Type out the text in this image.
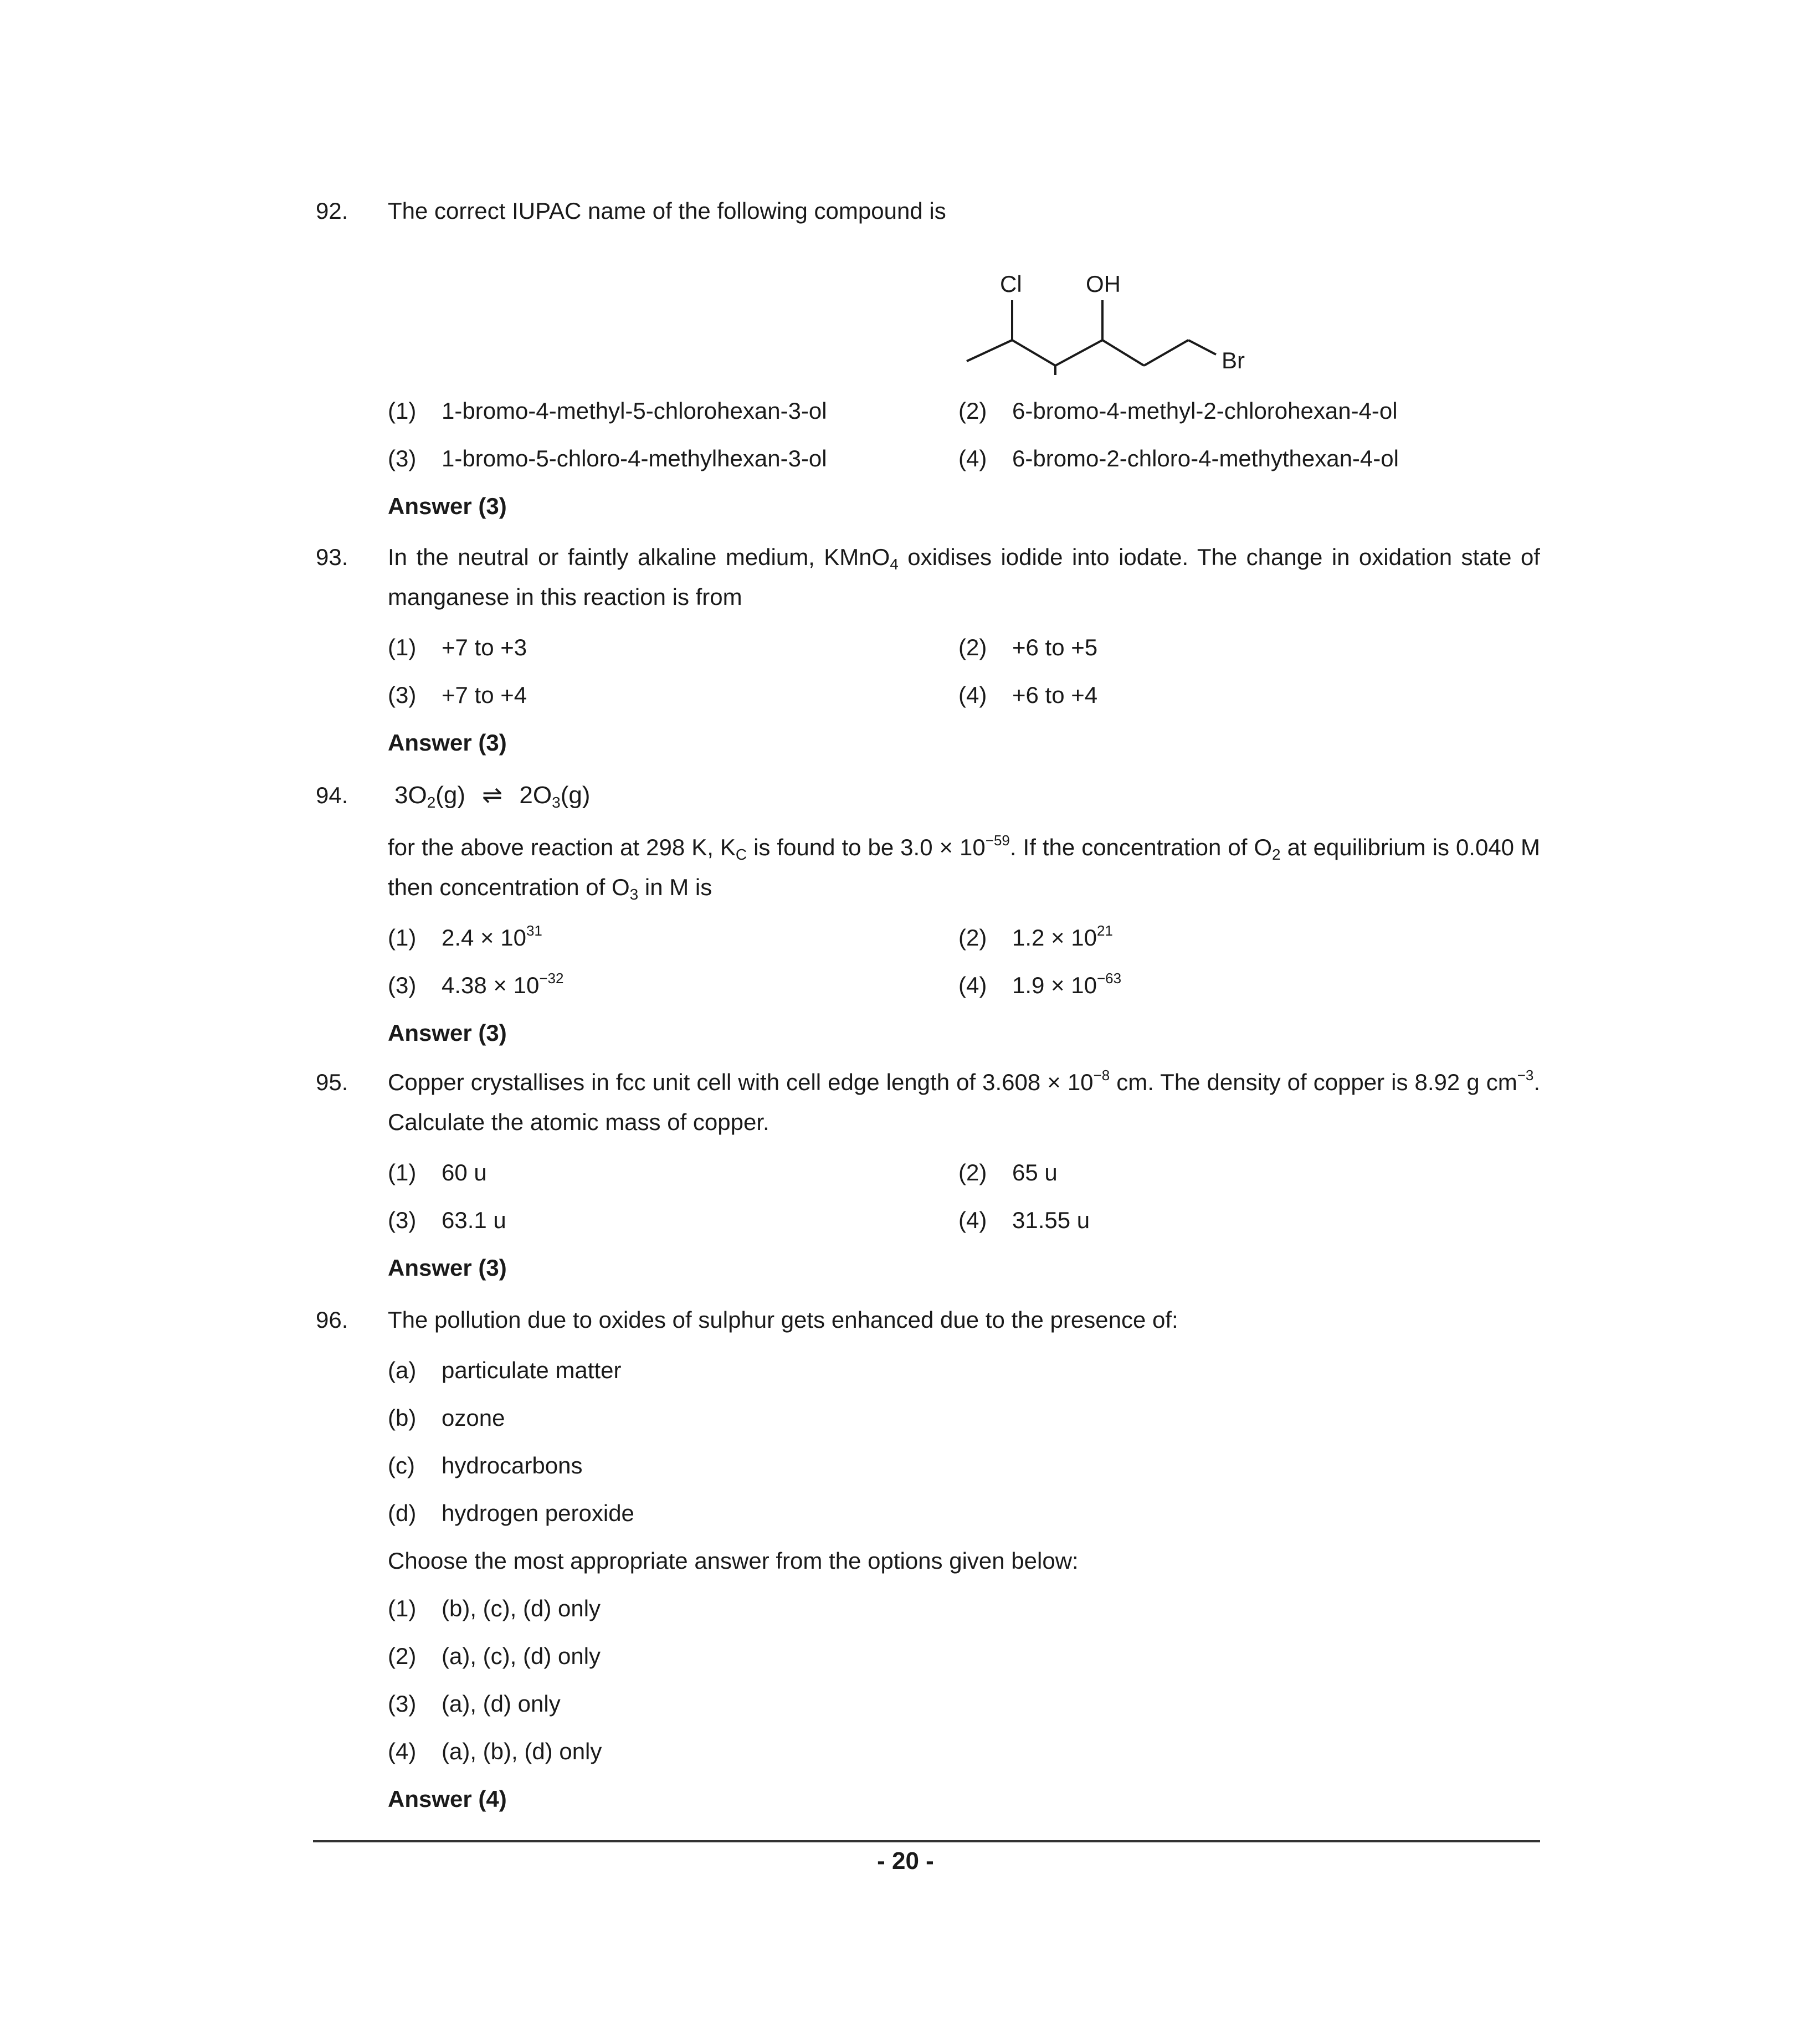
92. The correct IUPAC name of the following compound is

Cl	OH
Br
(1)	1-bromo-4-methyl-5-chlorohexan-3-ol	(2)	6-bromo-4-methyl-2-chlorohexan-4-ol
(3)	1-bromo-5-chloro-4-methylhexan-3-ol	(4)	6-bromo-2-chloro-4-methythexan-4-ol
Answer (3)
93. In the neutral or faintly alkaline medium, KMnO$_4$ oxidises iodide into iodate. The change in oxidation state of manganese in this reaction is from

(1)	+7 to +3	(2)	+6 to +5
(3)	+7 to +4	(4)	+6 to +4
Answer (3)
94. $3O_2(g)$ ⇌ $2O_3(g)$

for the above reaction at 298 K, $K_C$ is found to be $3.0 \times 10^{-59}$. If the concentration of $O_2$ at equilibrium is 0.040 M then concentration of $O_3$ in M is

(1)	$2.4 \times 10^{31}$	(2)	$1.2 \times 10^{21}$
(3)	$4.38 \times 10^{-32}$	(4)	$1.9 \times 10^{-63}$
Answer (3)
95. Copper crystallises in fcc unit cell with cell edge length of $3.608 \times 10^{-8}$ cm. The density of copper is 8.92 g $cm^{-3}$. Calculate the atomic mass of copper.

(1)	60 u	(2)	65 u
(3)	63.1 u	(4)	31.55 u
Answer (3)
96. The pollution due to oxides of sulphur gets enhanced due to the presence of:

(a)	particulate matter
(b)	ozone
(c)	hydrocarbons
(d)	hydrogen peroxide
Choose the most appropriate answer from the options given below:
(1)	(b), (c), (d) only
(2)	(a), (c), (d) only
(3)	(a), (d) only
(4)	(a), (b), (d) only
Answer (4)
- 20 -
